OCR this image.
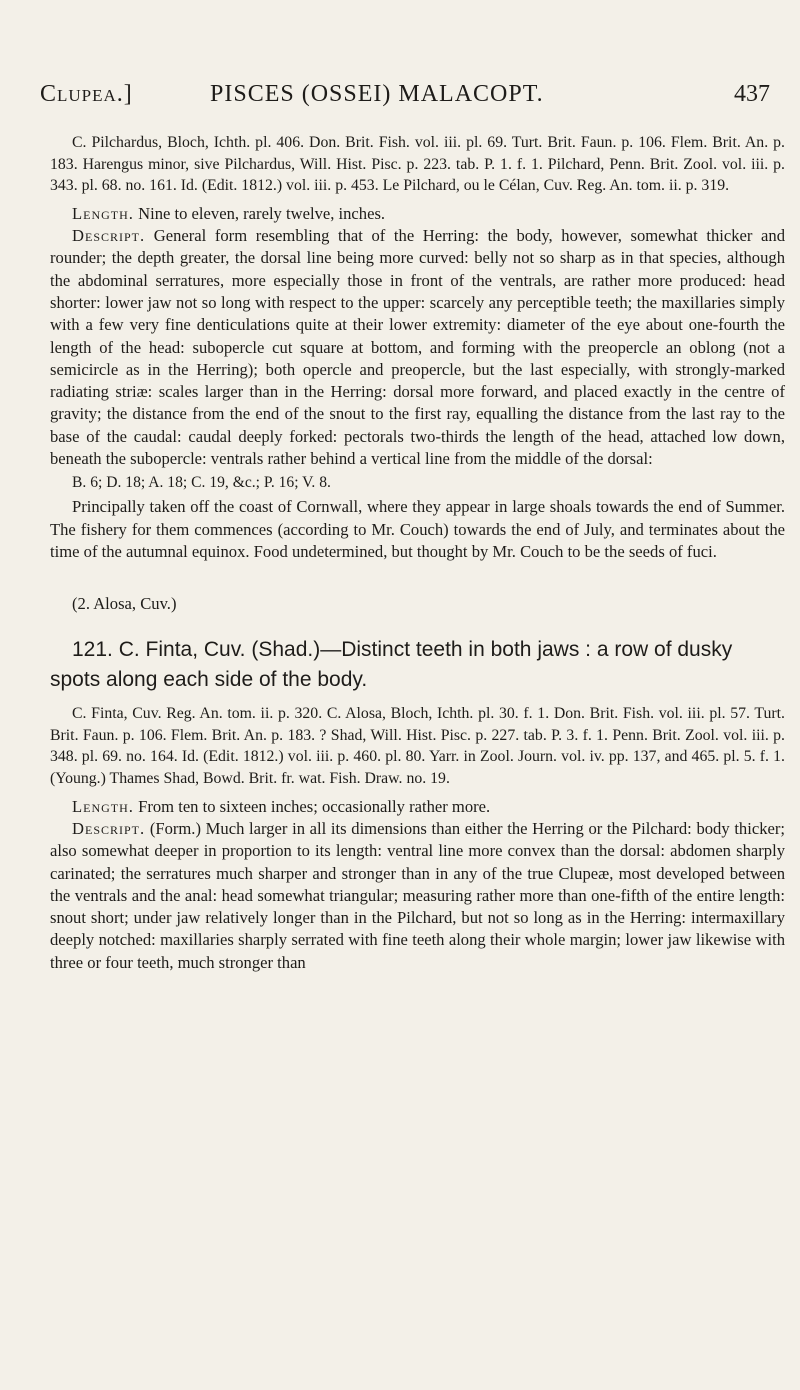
Clupea.]	PISCES (OSSEI) MALACOPT.	437

C. Pilchardus, Bloch, Ichth. pl. 406. Don. Brit. Fish. vol. iii. pl. 69. Turt. Brit. Faun. p. 106. Flem. Brit. An. p. 183. Harengus minor, sive Pilchardus, Will. Hist. Pisc. p. 223. tab. P. 1. f. 1. Pilchard, Penn. Brit. Zool. vol. iii. p. 343. pl. 68. no. 161. Id. (Edit. 1812.) vol. iii. p. 453. Le Pilchard, ou le Célan, Cuv. Reg. An. tom. ii. p. 319.

Length. Nine to eleven, rarely twelve, inches.

Descript. General form resembling that of the Herring: the body, however, somewhat thicker and rounder; the depth greater, the dorsal line being more curved: belly not so sharp as in that species, although the abdominal serratures, more especially those in front of the ventrals, are rather more produced: head shorter: lower jaw not so long with respect to the upper: scarcely any perceptible teeth; the maxillaries simply with a few very fine denticulations quite at their lower extremity: diameter of the eye about one-fourth the length of the head: subopercle cut square at bottom, and forming with the preopercle an oblong (not a semicircle as in the Herring); both opercle and preopercle, but the last especially, with strongly-marked radiating striæ: scales larger than in the Herring: dorsal more forward, and placed exactly in the centre of gravity; the distance from the end of the snout to the first ray, equalling the distance from the last ray to the base of the caudal: caudal deeply forked: pectorals two-thirds the length of the head, attached low down, beneath the subopercle: ventrals rather behind a vertical line from the middle of the dorsal:

B. 6; D. 18; A. 18; C. 19, &c.; P. 16; V. 8.

Principally taken off the coast of Cornwall, where they appear in large shoals towards the end of Summer. The fishery for them commences (according to Mr. Couch) towards the end of July, and terminates about the time of the autumnal equinox. Food undetermined, but thought by Mr. Couch to be the seeds of fuci.

(2. Alosa, Cuv.)

121. C. Finta, Cuv. (Shad.)—Distinct teeth in both jaws : a row of dusky spots along each side of the body.

C. Finta, Cuv. Reg. An. tom. ii. p. 320. C. Alosa, Bloch, Ichth. pl. 30. f. 1. Don. Brit. Fish. vol. iii. pl. 57. Turt. Brit. Faun. p. 106. Flem. Brit. An. p. 183. ? Shad, Will. Hist. Pisc. p. 227. tab. P. 3. f. 1. Penn. Brit. Zool. vol. iii. p. 348. pl. 69. no. 164. Id. (Edit. 1812.) vol. iii. p. 460. pl. 80. Yarr. in Zool. Journ. vol. iv. pp. 137, and 465. pl. 5. f. 1. (Young.) Thames Shad, Bowd. Brit. fr. wat. Fish. Draw. no. 19.

Length. From ten to sixteen inches; occasionally rather more.

Descript. (Form.) Much larger in all its dimensions than either the Herring or the Pilchard: body thicker; also somewhat deeper in proportion to its length: ventral line more convex than the dorsal: abdomen sharply carinated; the serratures much sharper and stronger than in any of the true Clupeæ, most developed between the ventrals and the anal: head somewhat triangular; measuring rather more than one-fifth of the entire length: snout short; under jaw relatively longer than in the Pilchard, but not so long as in the Herring: intermaxillary deeply notched: maxillaries sharply serrated with fine teeth along their whole margin; lower jaw likewise with three or four teeth, much stronger than
